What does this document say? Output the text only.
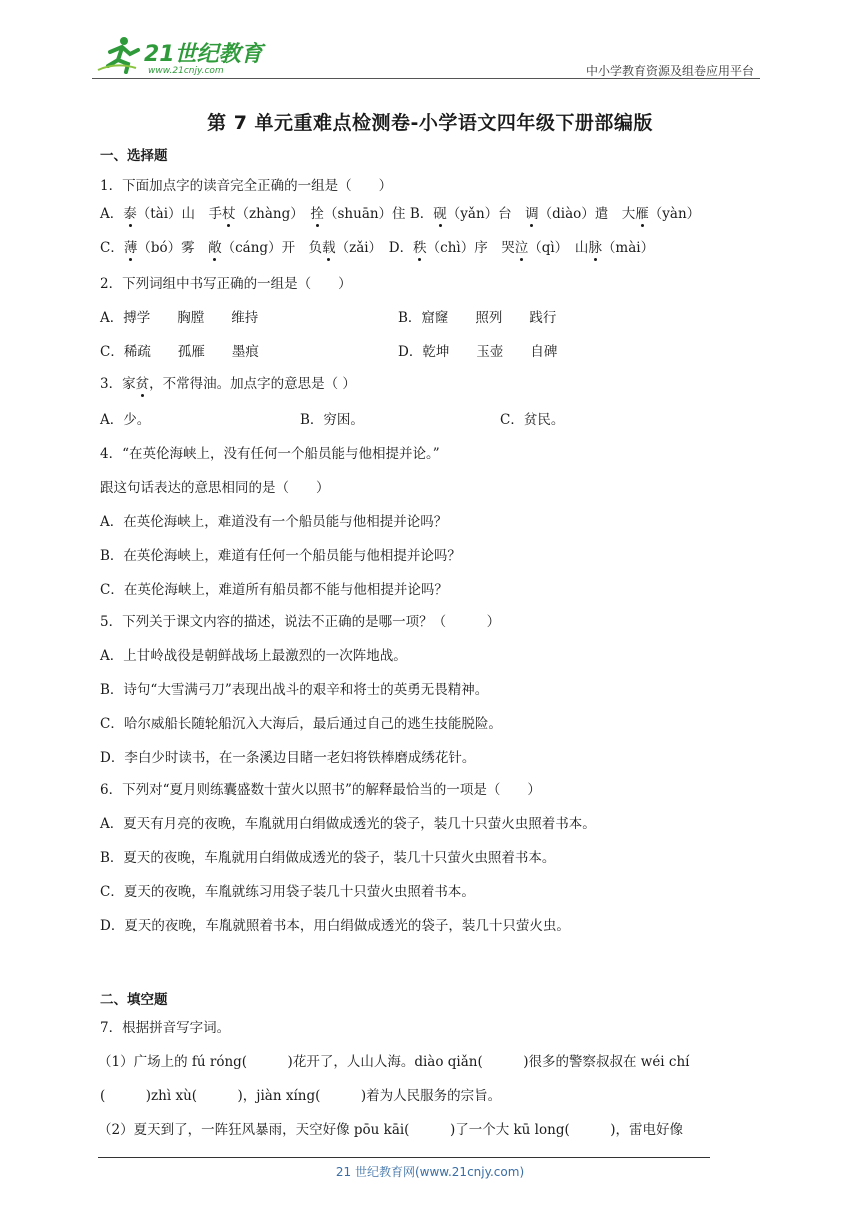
21世纪教育
www.21cnjy.com	中小学教育资源及组卷应用平台
第 7 单元重难点检测卷-小学语文四年级下册部编版
一、选择题
1．下面加点字的读音完全正确的一组是（　　）
A．泰（tài）山　手杖（zhàng）　拴（shuān）住 B．砚（yǎn）台　调（diào）遣　大雁（yàn）
C．薄（bó）雾　敞（cáng）开　负载（zǎi）　D．秩（chì）序　哭泣（qì）　山脉（mài）
2．下列词组中书写正确的一组是（　　）
A．搏学　　胸膛　　维持	B．窟窿　　照列　　践行
C．稀疏　　孤雁　　墨痕	D．乾坤　　玉壶　　自碑
3．家贫，不常得油。加点字的意思是（ ）
A．少。	B．穷困。	C．贫民。
4．“在英伦海峡上，没有任何一个船员能与他相提并论。”
跟这句话表达的意思相同的是（　　）
A．在英伦海峡上，难道没有一个船员能与他相提并论吗？
B．在英伦海峡上，难道有任何一个船员能与他相提并论吗？
C．在英伦海峡上，难道所有船员都不能与他相提并论吗？
5．下列关于课文内容的描述，说法不正确的是哪一项？（　　　）
A．上甘岭战役是朝鲜战场上最激烈的一次阵地战。
B．诗句“大雪满弓刀”表现出战斗的艰辛和将士的英勇无畏精神。
C．哈尔威船长随轮船沉入大海后，最后通过自己的逃生技能脱险。
D．李白少时读书，在一条溪边目睹一老妇将铁棒磨成绣花针。
6．下列对“夏月则练囊盛数十萤火以照书”的解释最恰当的一项是（　　）
A．夏天有月亮的夜晚，车胤就用白绢做成透光的袋子，装几十只萤火虫照着书本。
B．夏天的夜晚，车胤就用白绢做成透光的袋子，装几十只萤火虫照着书本。
C．夏天的夜晚，车胤就练习用袋子装几十只萤火虫照着书本。
D．夏天的夜晚，车胤就照着书本，用白绢做成透光的袋子，装几十只萤火虫。
二、填空题
7．根据拼音写字词。
（1）广场上的 fú róng(　　　)花开了，人山人海。diào qiǎn(　　　)很多的警察叔叔在 wéi chí
(　　　)zhì xù(　　　)，jiàn xíng(　　　)着为人民服务的宗旨。
（2）夏天到了，一阵狂风暴雨，天空好像 pōu kāi(　　　)了一个大 kū long(　　　)，雷电好像
21 世纪教育网(www.21cnjy.com)
